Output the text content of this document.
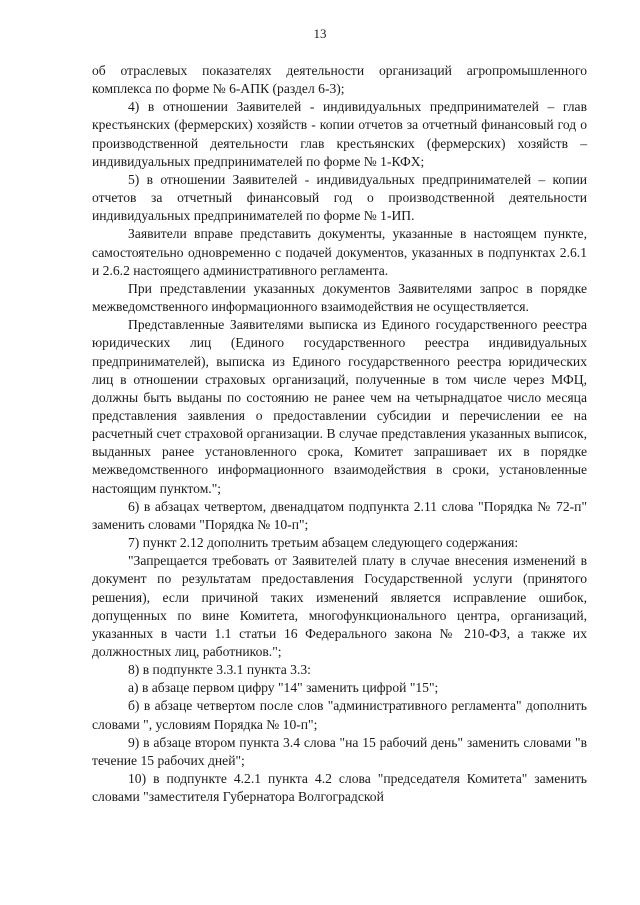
13

об отраслевых показателях деятельности организаций агропромышленного комплекса по форме № 6-АПК (раздел 6-3);

4) в отношении Заявителей - индивидуальных предпринимателей – глав крестьянских (фермерских) хозяйств - копии отчетов за отчетный финансовый год о производственной деятельности глав крестьянских (фермерских) хозяйств – индивидуальных предпринимателей по форме № 1-КФХ;

5) в отношении Заявителей - индивидуальных предпринимателей – копии отчетов за отчетный финансовый год о производственной деятельности индивидуальных предпринимателей по форме № 1-ИП.

Заявители вправе представить документы, указанные в настоящем пункте, самостоятельно одновременно с подачей документов, указанных в подпунктах 2.6.1 и 2.6.2 настоящего административного регламента.

При представлении указанных документов Заявителями запрос в порядке межведомственного информационного взаимодействия не осуществляется.

Представленные Заявителями выписка из Единого государственного реестра юридических лиц (Единого государственного реестра индивидуальных предпринимателей), выписка из Единого государственного реестра юридических лиц в отношении страховых организаций, полученные в том числе через МФЦ, должны быть выданы по состоянию не ранее чем на четырнадцатое число месяца представления заявления о предоставлении субсидии и перечислении ее на расчетный счет страховой организации. В случае представления указанных выписок, выданных ранее установленного срока, Комитет запрашивает их в порядке межведомственного информационного взаимодействия в сроки, установленные настоящим пунктом.";

6) в абзацах четвертом, двенадцатом подпункта 2.11 слова "Порядка № 72-п" заменить словами "Порядка № 10-п";

7) пункт 2.12 дополнить третьим абзацем следующего содержания:

"Запрещается требовать от Заявителей плату в случае внесения изменений в документ по результатам предоставления Государственной услуги (принятого решения), если причиной таких изменений является исправление ошибок, допущенных по вине Комитета, многофункционального центра, организаций, указанных в части 1.1 статьи 16 Федерального закона № 210-ФЗ, а также их должностных лиц, работников.";

8) в подпункте 3.3.1 пункта 3.3:

а) в абзаце первом цифру "14" заменить цифрой "15";

б) в абзаце четвертом после слов "административного регламента" дополнить словами ", условиям Порядка № 10-п";

9) в абзаце втором пункта 3.4 слова "на 15 рабочий день" заменить словами "в течение 15 рабочих дней";

10) в подпункте 4.2.1 пункта 4.2 слова "председателя Комитета" заменить словами "заместителя Губернатора Волгоградской
